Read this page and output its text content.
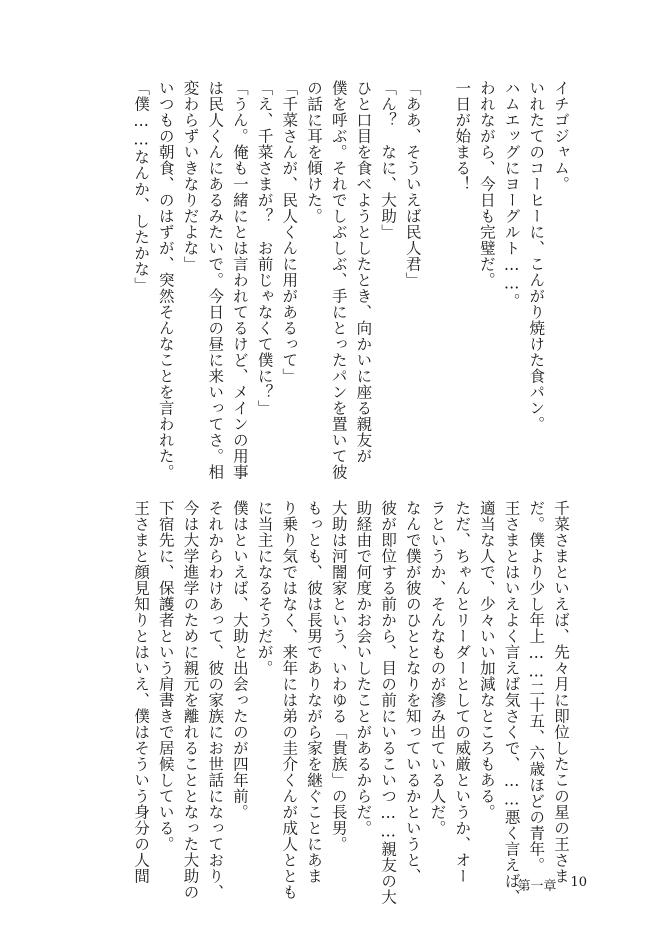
イチゴジャム。
いれたてのコーヒーに、こんがり焼けた食パン。
ハムエッグにヨーグルト……。
われながら、今日も完璧だ。
一日が始まる！
「ああ、そういえば民人君」
「ん？　なに、大助」
ひと口目を食べようとしたとき、向かいに座る親友が
僕を呼ぶ。それでしぶしぶ、手にとったパンを置いて彼
の話に耳を傾けた。
「千菜さんが、民人くんに用があるって」
「え、千菜さまが？　お前じゃなくて僕に？」
「うん。俺も一緒にとは言われてるけど、メインの用事
は民人くんにあるみたいで。今日の昼に来いってさ。相
変わらずいきなりだよな」
いつもの朝食、のはずが、突然そんなことを言われた。
「僕……なんか、したかな」
千菜さまといえば、先々月に即位したこの星の王さま
だ。僕より少し年上……二十五、六歳ほどの青年。
王さまとはいえよく言えば気さくで、……悪く言えば、
適当な人で、少々いい加減なところもある。
ただ、ちゃんとリーダーとしての威厳というか、オー
ラというか、そんなものが滲み出ている人だ。
なんで僕が彼のひととなりを知っているかというと、
彼が即位する前から、目の前にいるこいつ……親友の大
助経由で何度かお会いしたことがあるからだ。
大助は河闇家という、いわゆる「貴族」の長男。
もっとも、彼は長男でありながら家を継ぐことにあま
り乗り気ではなく、来年には弟の圭介くんが成人ととも
に当主になるそうだが。
僕はといえば、大助と出会ったのが四年前。
それからわけあって、彼の家族にお世話になっており、
今は大学進学のために親元を離れることとなった大助の
下宿先に、保護者という肩書きで居候している。
王さまと顔見知りとはいえ、僕はそういう身分の人間
第一章 10
